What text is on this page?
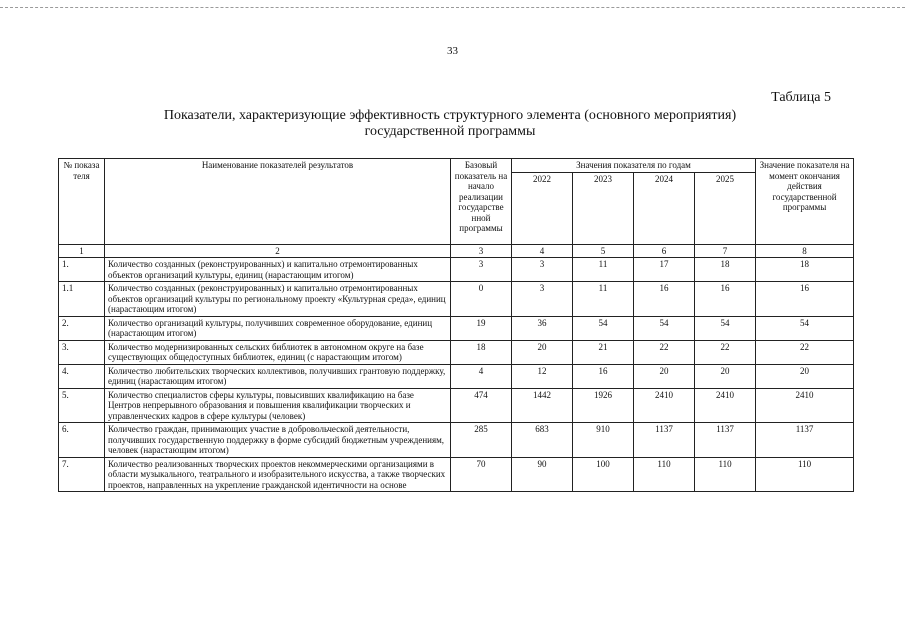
33
Таблица 5
Показатели, характеризующие эффективность структурного элемента (основного мероприятия)
государственной программы
№ показа теля	Наименование показателей результатов	Базовый показатель на начало реализации государстве нной программы	Значения показателя по годам				Значение показателя на момент окончания действия государственной программы
			2022	2023	2024	2025	
1	2	3	4	5	6	7	8
1.	Количество созданных (реконструированных) и капитально отремонтированных объектов организаций культуры, единиц (нарастающим итогом)	3	3	11	17	18	18
1.1	Количество созданных (реконструированных) и капитально отремонтированных объектов организаций культуры по региональному проекту «Культурная среда», единиц (нарастающим итогом)	0	3	11	16	16	16
2.	Количество организаций культуры, получивших современное оборудование, единиц (нарастающим итогом)	19	36	54	54	54	54
3.	Количество модернизированных сельских библиотек в автономном округе на базе существующих общедоступных библиотек, единиц (с нарастающим итогом)	18	20	21	22	22	22
4.	Количество любительских творческих коллективов, получивших грантовую поддержку, единиц (нарастающим итогом)	4	12	16	20	20	20
5.	Количество специалистов сферы культуры, повысивших квалификацию на базе Центров непрерывного образования и повышения квалификации творческих и управленческих кадров в сфере культуры (человек)	474	1442	1926	2410	2410	2410
6.	Количество граждан, принимающих участие в добровольческой деятельности, получивших государственную поддержку в форме субсидий бюджетным учреждениям, человек (нарастающим итогом)	285	683	910	1137	1137	1137
7.	Количество реализованных творческих проектов некоммерческими организациями в области музыкального, театрального и изобразительного искусства, а также творческих проектов, направленных на укрепление гражданской идентичности на основе	70	90	100	110	110	110
